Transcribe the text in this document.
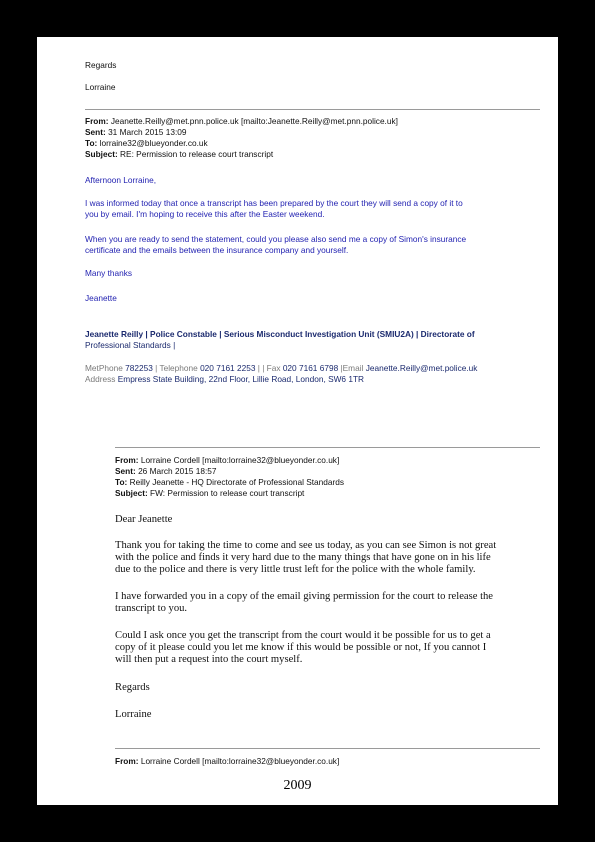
Regards
Lorraine
From: Jeanette.Reilly@met.pnn.police.uk [mailto:Jeanette.Reilly@met.pnn.police.uk]
Sent: 31 March 2015 13:09
To: lorraine32@blueyonder.co.uk
Subject: RE: Permission to release court transcript
Afternoon Lorraine,
I was informed today that once a transcript has been prepared by the court they will send a copy of it to
you by email. I'm hoping to receive this after the Easter weekend.
When you are ready to send the statement, could you please also send me a copy of Simon's insurance
certificate and the emails between the insurance company and yourself.
Many thanks
Jeanette
Jeanette Reilly | Police Constable | Serious Misconduct Investigation Unit (SMIU2A) | Directorate of
Professional Standards |
MetPhone 782253 | Telephone 020 7161 2253 | | Fax 020 7161 6798 |Email Jeanette.Reilly@met.police.uk
Address Empress State Building, 22nd Floor, Lillie Road, London, SW6 1TR
From: Lorraine Cordell [mailto:lorraine32@blueyonder.co.uk]
Sent: 26 March 2015 18:57
To: Reilly Jeanette - HQ Directorate of Professional Standards
Subject: FW: Permission to release court transcript
Dear Jeanette
Thank you for taking the time to come and see us today, as you can see Simon is not great
with the police and finds it very hard due to the many things that have gone on in his life
due to the police and there is very little trust left for the police with the whole family.
I have forwarded you in a copy of the email giving permission for the court to release the
transcript to you.
Could I ask once you get the transcript from the court would it be possible for us to get a
copy of it please could you let me know if this would be possible or not, If you cannot I
will then put a request into the court myself.
Regards
Lorraine
From: Lorraine Cordell [mailto:lorraine32@blueyonder.co.uk]
2009
